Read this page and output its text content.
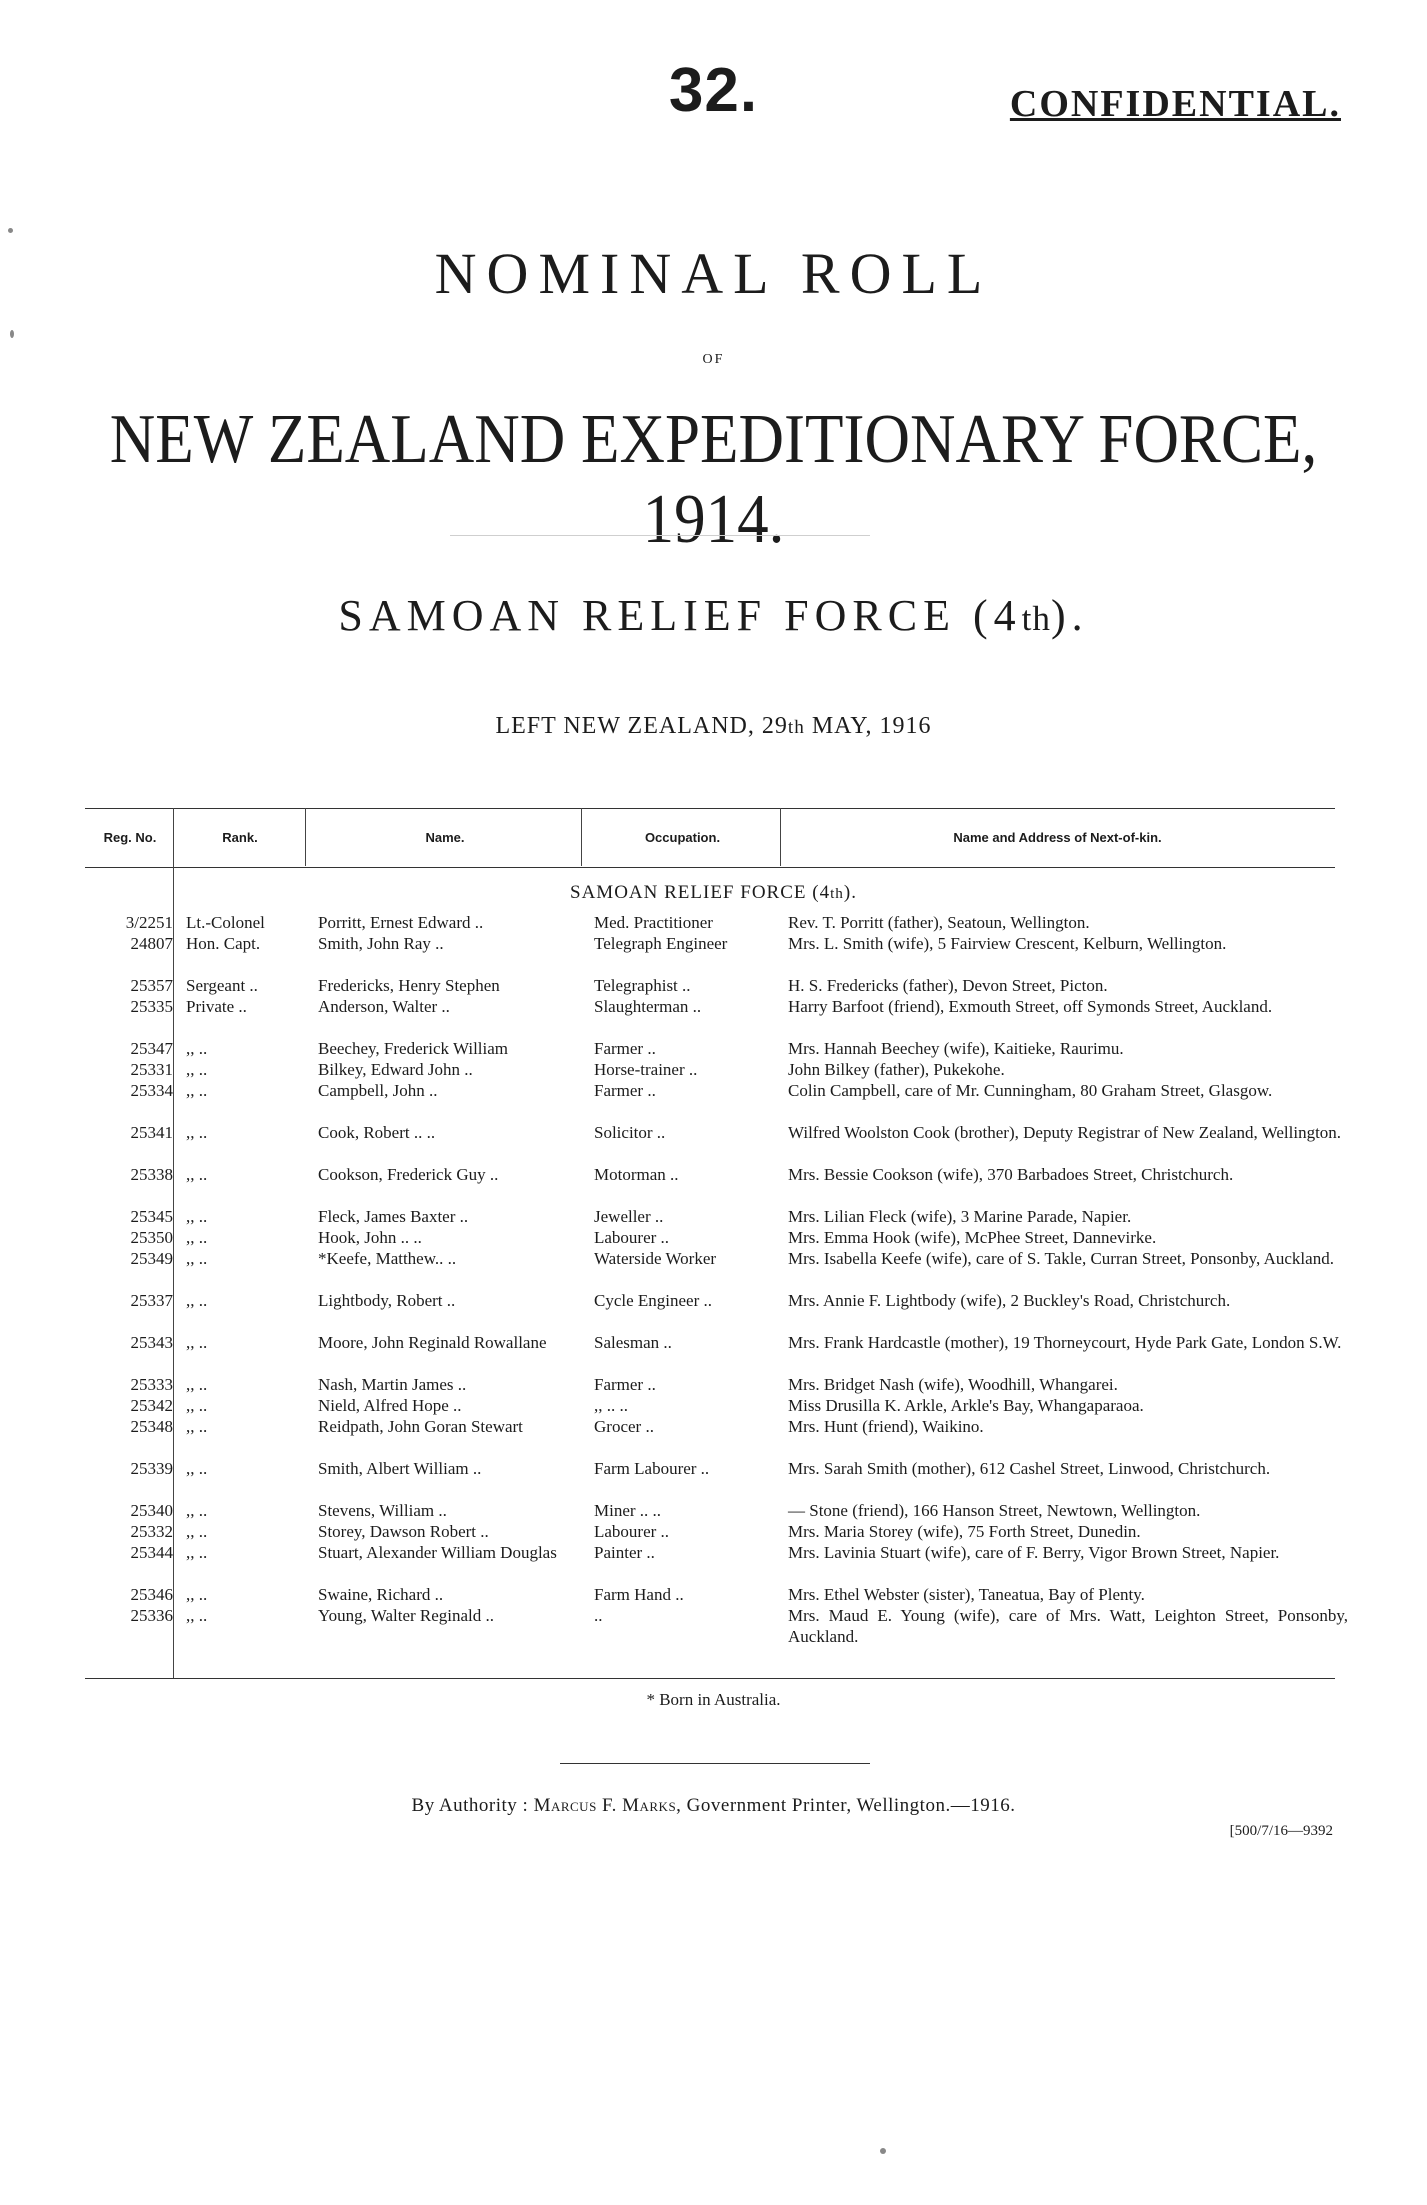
32.	CONFIDENTIAL.
NOMINAL ROLL
OF
NEW ZEALAND EXPEDITIONARY FORCE, 1914.
SAMOAN RELIEF FORCE (4th).
LEFT NEW ZEALAND, 29th MAY, 1916
Reg. No.	Rank.	Name.	Occupation.	Name and Address of Next-of-kin.
SAMOAN RELIEF FORCE (4th).
3/2251 Lt.-Colonel	Porritt, Ernest Edward ..	Med. Practitioner	Rev. T. Porritt (father), Seatoun, Wellington.
24807 Hon. Capt.	Smith, John Ray ..	Telegraph Engineer	Mrs. L. Smith (wife), 5 Fairview Crescent, Kelburn, Wellington.
25357 Sergeant ..	Fredericks, Henry Stephen	Telegraphist ..	H. S. Fredericks (father), Devon Street, Picton.
25335 Private ..	Anderson, Walter ..	Slaughterman ..	Harry Barfoot (friend), Exmouth Street, off Symonds Street, Auckland.
25347 ,, ..	Beechey, Frederick William	Farmer ..	Mrs. Hannah Beechey (wife), Kaitieke, Raurimu.
25331 ,, ..	Bilkey, Edward John ..	Horse-trainer ..	John Bilkey (father), Pukekohe.
25334 ,, ..	Campbell, John ..	Farmer ..	Colin Campbell, care of Mr. Cunningham, 80 Graham Street, Glasgow.
25341 ,, ..	Cook, Robert .. ..	Solicitor ..	Wilfred Woolston Cook (brother), Deputy Registrar of New Zealand, Wellington.
25338 ,, ..	Cookson, Frederick Guy ..	Motorman ..	Mrs. Bessie Cookson (wife), 370 Barbadoes Street, Christchurch.
25345 ,, ..	Fleck, James Baxter ..	Jeweller ..	Mrs. Lilian Fleck (wife), 3 Marine Parade, Napier.
25350 ,, ..	Hook, John .. ..	Labourer ..	Mrs. Emma Hook (wife), McPhee Street, Dannevirke.
25349 ,, ..	*Keefe, Matthew.. ..	Waterside Worker	Mrs. Isabella Keefe (wife), care of S. Takle, Curran Street, Ponsonby, Auckland.
25337 ,, ..	Lightbody, Robert ..	Cycle Engineer ..	Mrs. Annie F. Lightbody (wife), 2 Buckley's Road, Christchurch.
25343 ,, ..	Moore, John Reginald Rowallane	Salesman ..	Mrs. Frank Hardcastle (mother), 19 Thorneycourt, Hyde Park Gate, London S.W.
25333 ,, ..	Nash, Martin James ..	Farmer ..	Mrs. Bridget Nash (wife), Woodhill, Whangarei.
25342 ,, ..	Nield, Alfred Hope ..	,, .. ..	Miss Drusilla K. Arkle, Arkle's Bay, Whangaparaoa.
25348 ,, ..	Reidpath, John Goran Stewart	Grocer ..	Mrs. Hunt (friend), Waikino.
25339 ,, ..	Smith, Albert William ..	Farm Labourer ..	Mrs. Sarah Smith (mother), 612 Cashel Street, Linwood, Christchurch.
25340 ,, ..	Stevens, William ..	Miner .. ..	— Stone (friend), 166 Hanson Street, Newtown, Wellington.
25332 ,, ..	Storey, Dawson Robert ..	Labourer ..	Mrs. Maria Storey (wife), 75 Forth Street, Dunedin.
25344 ,, ..	Stuart, Alexander William Douglas	Painter ..	Mrs. Lavinia Stuart (wife), care of F. Berry, Vigor Brown Street, Napier.
25346 ,, ..	Swaine, Richard ..	Farm Hand ..	Mrs. Ethel Webster (sister), Taneatua, Bay of Plenty.
25336 ,, ..	Young, Walter Reginald ..	..	Mrs. Maud E. Young (wife), care of Mrs. Watt, Leighton Street, Ponsonby, Auckland.
* Born in Australia.
By Authority : Marcus F. Marks, Government Printer, Wellington.—1916.
[500/7/16—9392
